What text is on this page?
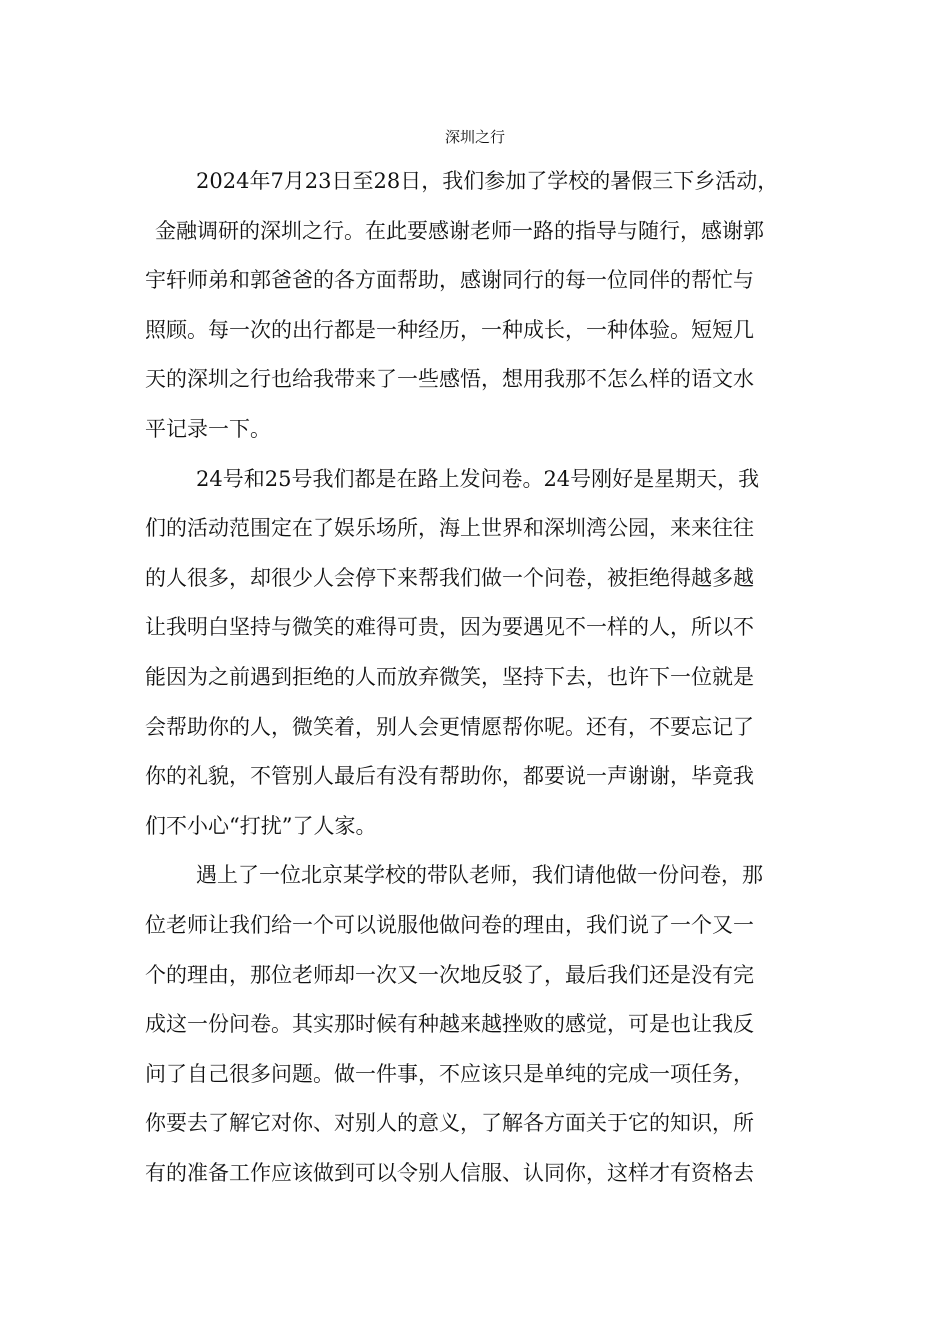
深圳之行
2024年7月23日至28日，我们参加了学校的暑假三下乡活动，
金融调研的深圳之行。在此要感谢老师一路的指导与随行，感谢郭
宇轩师弟和郭爸爸的各方面帮助，感谢同行的每一位同伴的帮忙与
照顾。每一次的出行都是一种经历，一种成长，一种体验。短短几
天的深圳之行也给我带来了一些感悟，想用我那不怎么样的语文水
平记录一下。
24号和25号我们都是在路上发问卷。24号刚好是星期天，我
们的活动范围定在了娱乐场所，海上世界和深圳湾公园，来来往往
的人很多，却很少人会停下来帮我们做一个问卷，被拒绝得越多越
让我明白坚持与微笑的难得可贵，因为要遇见不一样的人，所以不
能因为之前遇到拒绝的人而放弃微笑，坚持下去，也许下一位就是
会帮助你的人，微笑着，别人会更情愿帮你呢。还有，不要忘记了
你的礼貌，不管别人最后有没有帮助你，都要说一声谢谢，毕竟我
们不小心“打扰”了人家。
遇上了一位北京某学校的带队老师，我们请他做一份问卷，那
位老师让我们给一个可以说服他做问卷的理由，我们说了一个又一
个的理由，那位老师却一次又一次地反驳了，最后我们还是没有完
成这一份问卷。其实那时候有种越来越挫败的感觉，可是也让我反
问了自己很多问题。做一件事，不应该只是单纯的完成一项任务，
你要去了解它对你、对别人的意义，了解各方面关于它的知识，所
有的准备工作应该做到可以令别人信服、认同你，这样才有资格去
